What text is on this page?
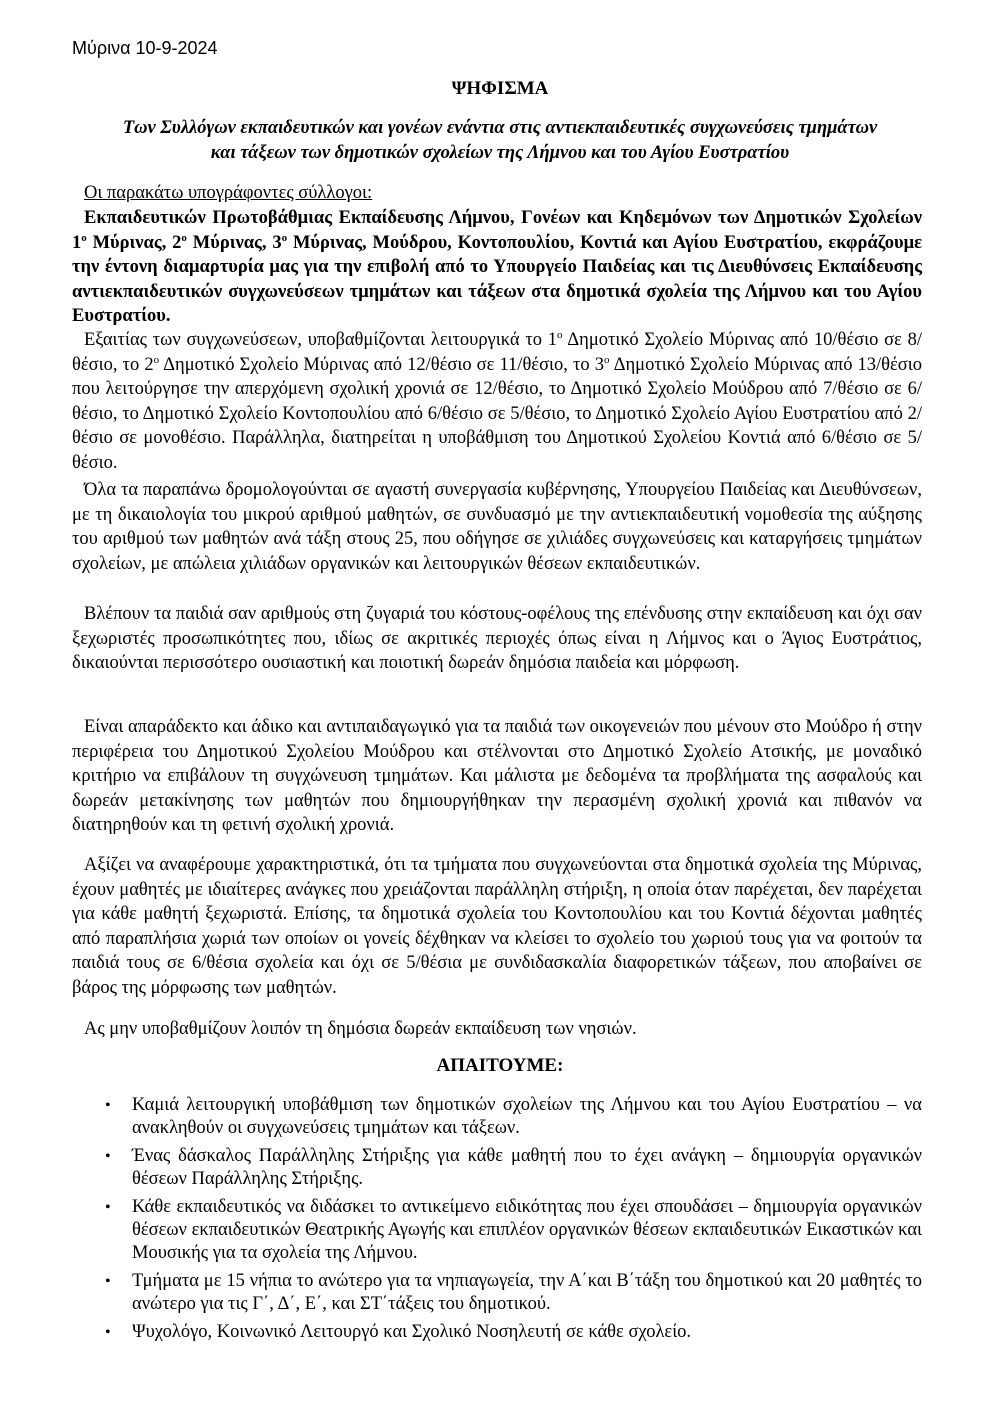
Μύρινα 10-9-2024
ΨΗΦΙΣΜΑ
Των Συλλόγων εκπαιδευτικών και γονέων ενάντια στις αντιεκπαιδευτικές συγχωνεύσεις τμημάτων και τάξεων των δημοτικών σχολείων της Λήμνου και του Αγίου Ευστρατίου
Οι παρακάτω υπογράφοντες σύλλογοι:
Εκπαιδευτικών Πρωτοβάθμιας Εκπαίδευσης Λήμνου, Γονέων και Κηδεμόνων των Δημοτικών Σχολείων $1^o$ Μύρινας, $2^o$ Μύρινας, $3^o$ Μύρινας, Μούδρου, Κοντοπουλίου, Κοντιά και Αγίου Ευστρατίου, εκφράζουμε την έντονη διαμαρτυρία μας για την επιβολή από το Υπουργείο Παιδείας και τις Διευθύνσεις Εκπαίδευσης αντιεκπαιδευτικών συγχωνεύσεων τμημάτων και τάξεων στα δημοτικά σχολεία της Λήμνου και του Αγίου Ευστρατίου.
Εξαιτίας των συγχωνεύσεων, υποβαθμίζονται λειτουργικά το $1^o$ Δημοτικό Σχολείο Μύρινας από 10/θέσιο σε 8/θέσιο, το $2^o$ Δημοτικό Σχολείο Μύρινας από 12/θέσιο σε 11/θέσιο, το $3^o$ Δημοτικό Σχολείο Μύρινας από 13/θέσιο που λειτούργησε την απερχόμενη σχολική χρονιά σε 12/θέσιο, το Δημοτικό Σχολείο Μούδρου από 7/θέσιο σε 6/θέσιο, το Δημοτικό Σχολείο Κοντοπουλίου από 6/θέσιο σε 5/θέσιο, το Δημοτικό Σχολείο Αγίου Ευστρατίου από 2/θέσιο σε μονοθέσιο. Παράλληλα, διατηρείται η υποβάθμιση του Δημοτικού Σχολείου Κοντιά από 6/θέσιο σε 5/θέσιο.
Όλα τα παραπάνω δρομολογούνται σε αγαστή συνεργασία κυβέρνησης, Υπουργείου Παιδείας και Διευθύνσεων, με τη δικαιολογία του μικρού αριθμού μαθητών, σε συνδυασμό με την αντιεκπαιδευτική νομοθεσία της αύξησης του αριθμού των μαθητών ανά τάξη στους 25, που οδήγησε σε χιλιάδες συγχωνεύσεις και καταργήσεις τμημάτων σχολείων, με απώλεια χιλιάδων οργανικών και λειτουργικών θέσεων εκπαιδευτικών.
Βλέπουν τα παιδιά σαν αριθμούς στη ζυγαριά του κόστους-οφέλους της επένδυσης στην εκπαίδευση και όχι σαν ξεχωριστές προσωπικότητες που, ιδίως σε ακριτικές περιοχές όπως είναι η Λήμνος και ο Άγιος Ευστράτιος, δικαιούνται περισσότερο ουσιαστική και ποιοτική δωρεάν δημόσια παιδεία και μόρφωση.
Είναι απαράδεκτο και άδικο και αντιπαιδαγωγικό για τα παιδιά των οικογενειών που μένουν στο Μούδρο ή στην περιφέρεια του Δημοτικού Σχολείου Μούδρου και στέλνονται στο Δημοτικό Σχολείο Ατσικής, με μοναδικό κριτήριο να επιβάλουν τη συγχώνευση τμημάτων. Και μάλιστα με δεδομένα τα προβλήματα της ασφαλούς και δωρεάν μετακίνησης των μαθητών που δημιουργήθηκαν την περασμένη σχολική χρονιά και πιθανόν να διατηρηθούν και τη φετινή σχολική χρονιά.
Αξίζει να αναφέρουμε χαρακτηριστικά, ότι τα τμήματα που συγχωνεύονται στα δημοτικά σχολεία της Μύρινας, έχουν μαθητές με ιδιαίτερες ανάγκες που χρειάζονται παράλληλη στήριξη, η οποία όταν παρέχεται, δεν παρέχεται για κάθε μαθητή ξεχωριστά. Επίσης, τα δημοτικά σχολεία του Κοντοπουλίου και του Κοντιά δέχονται μαθητές από παραπλήσια χωριά των οποίων οι γονείς δέχθηκαν να κλείσει το σχολείο του χωριού τους για να φοιτούν τα παιδιά τους σε 6/θέσια σχολεία και όχι σε 5/θέσια με συνδιδασκαλία διαφορετικών τάξεων, που αποβαίνει σε βάρος της μόρφωσης των μαθητών.
Ας μην υποβαθμίζουν λοιπόν τη δημόσια δωρεάν εκπαίδευση των νησιών.
ΑΠΑΙΤΟΥΜΕ:
• Καμιά λειτουργική υποβάθμιση των δημοτικών σχολείων της Λήμνου και του Αγίου Ευστρατίου – να ανακληθούν οι συγχωνεύσεις τμημάτων και τάξεων.
• Ένας δάσκαλος Παράλληλης Στήριξης για κάθε μαθητή που το έχει ανάγκη – δημιουργία οργανικών θέσεων Παράλληλης Στήριξης.
• Κάθε εκπαιδευτικός να διδάσκει το αντικείμενο ειδικότητας που έχει σπουδάσει – δημιουργία οργανικών θέσεων εκπαιδευτικών Θεατρικής Αγωγής και επιπλέον οργανικών θέσεων εκπαιδευτικών Εικαστικών και Μουσικής για τα σχολεία της Λήμνου.
• Τμήματα με 15 νήπια το ανώτερο για τα νηπιαγωγεία, την Α΄και Β΄τάξη του δημοτικού και 20 μαθητές το ανώτερο για τις Γ΄, Δ΄, Ε΄, και ΣΤ΄τάξεις του δημοτικού.
• Ψυχολόγο, Κοινωνικό Λειτουργό και Σχολικό Νοσηλευτή σε κάθε σχολείο.
